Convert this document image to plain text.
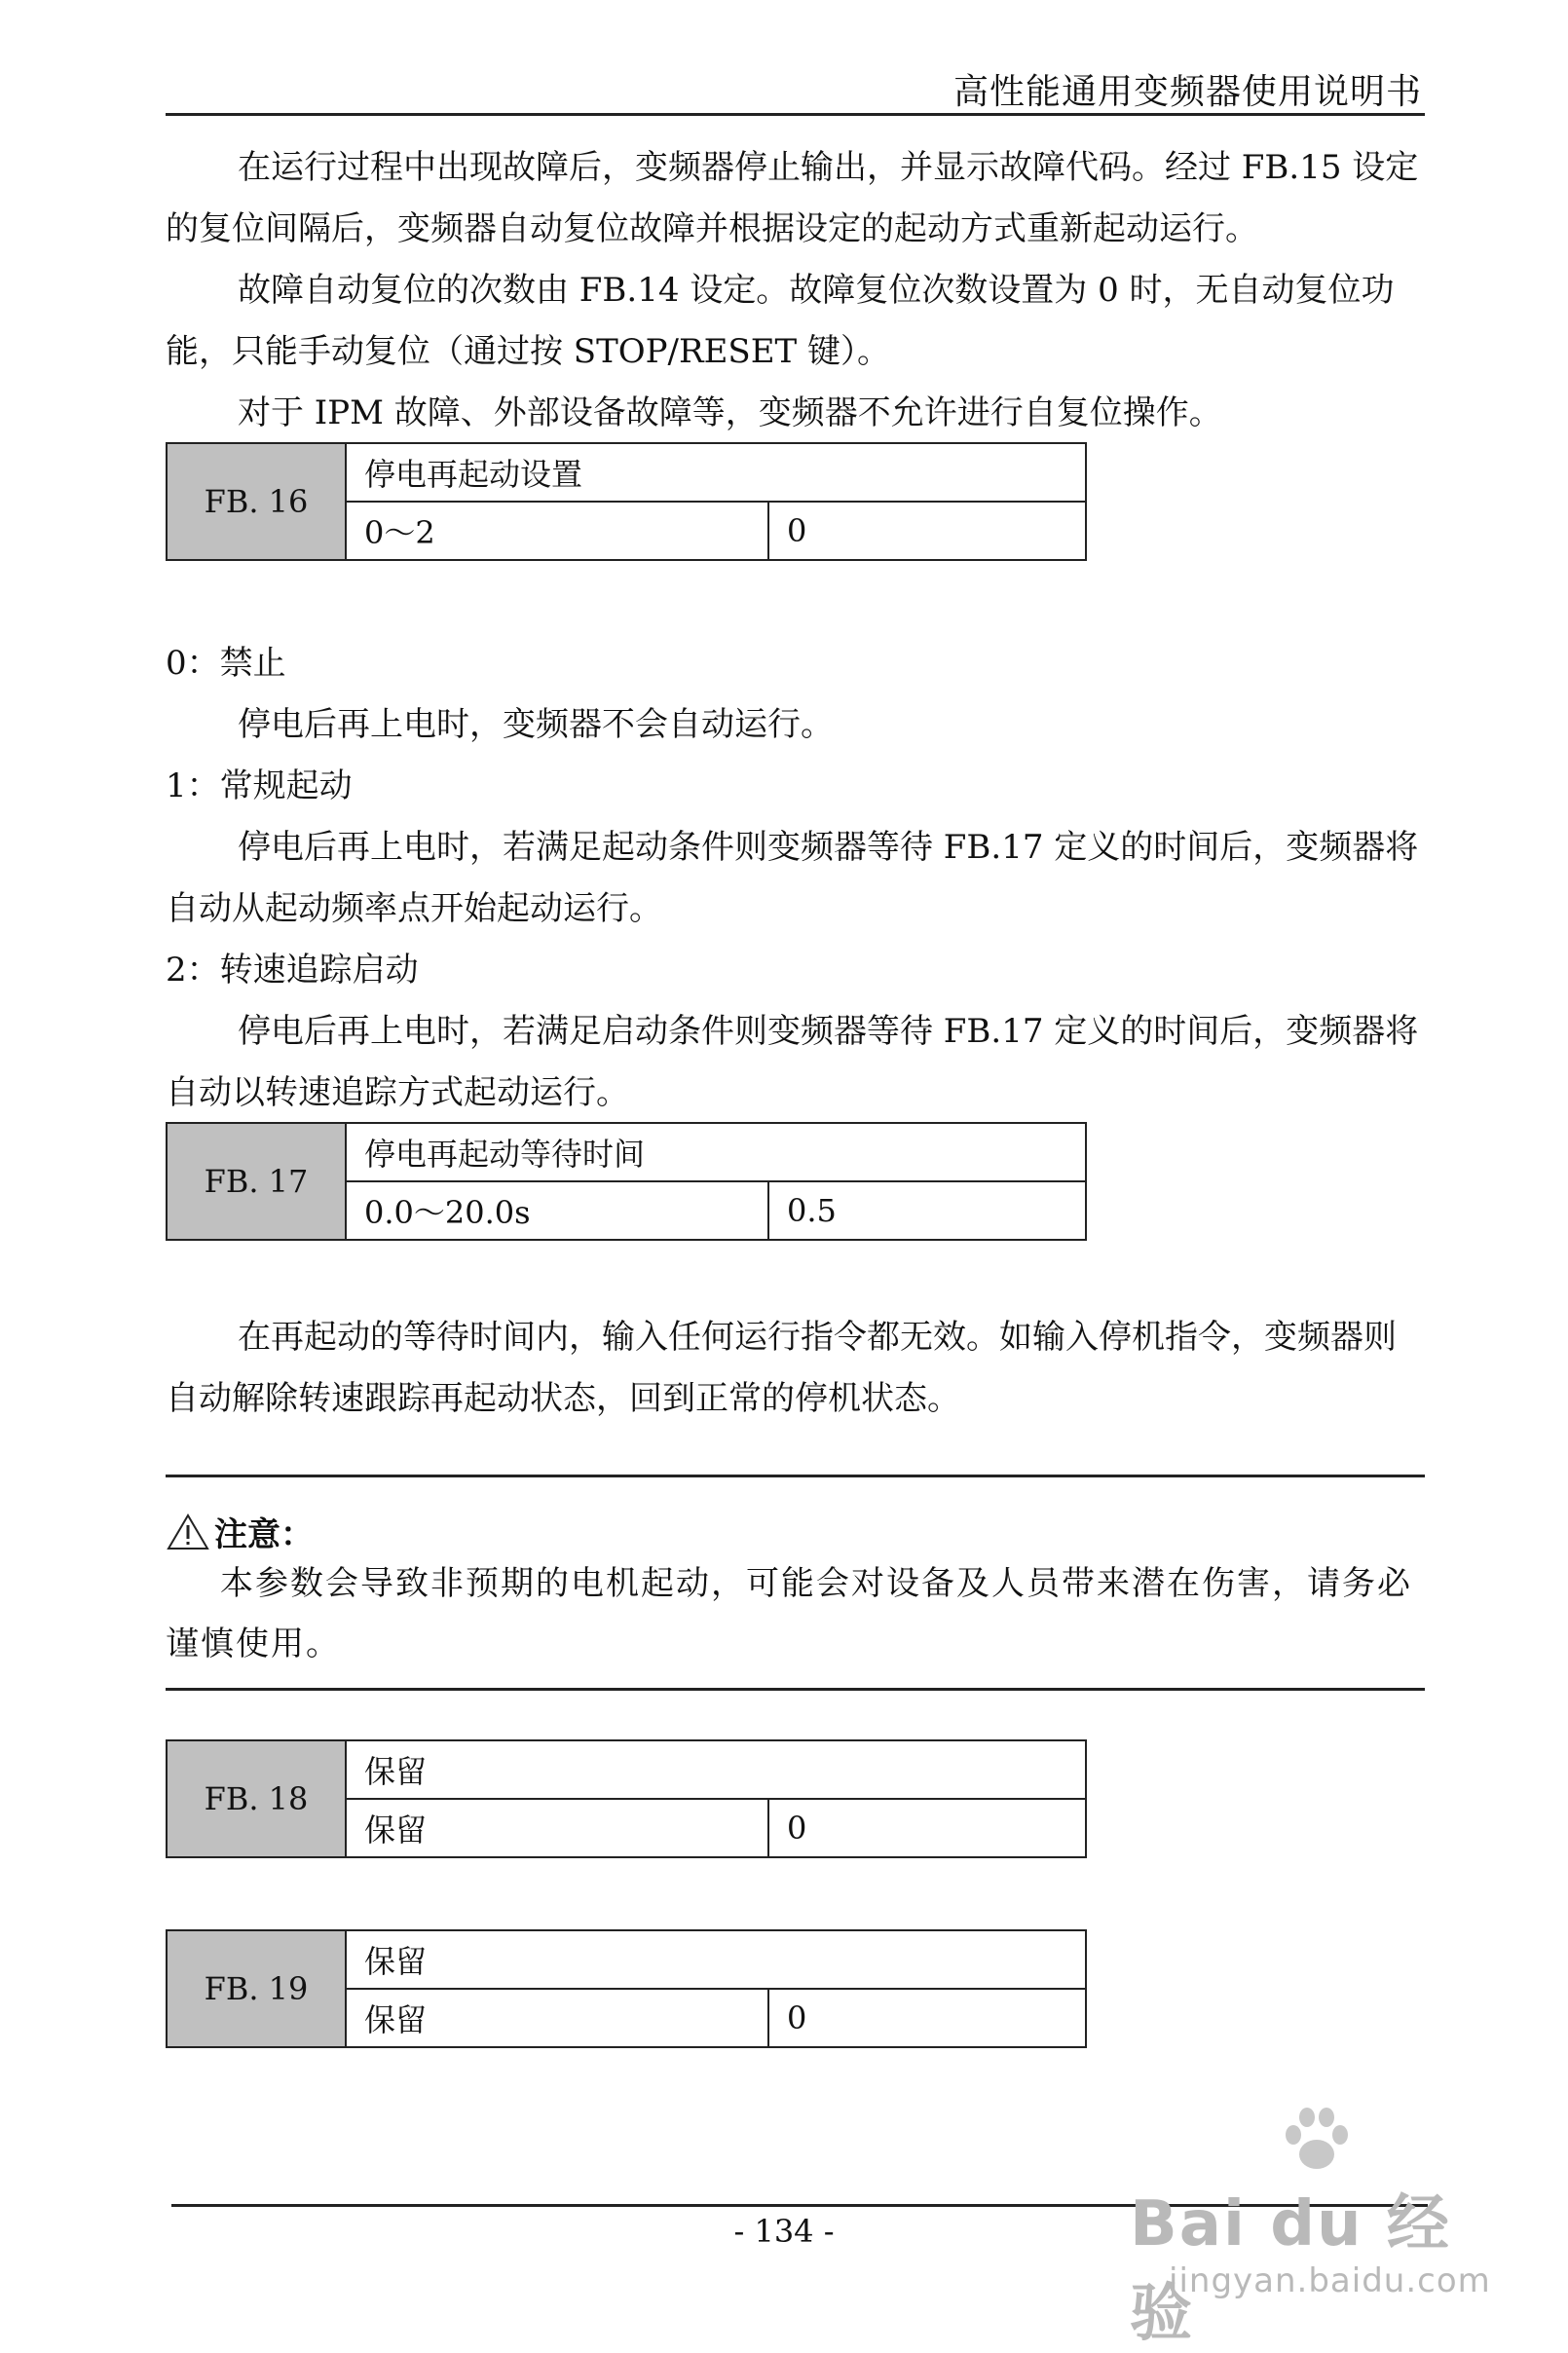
高性能通用变频器使用说明书

在运行过程中出现故障后，变频器停止输出，并显示故障代码。经过 FB.15 设定的复位间隔后，变频器自动复位故障并根据设定的起动方式重新起动运行。

故障自动复位的次数由 FB.14 设定。故障复位次数设置为 0 时，无自动复位功能，只能手动复位（通过按 STOP/RESET 键）。

对于 IPM 故障、外部设备故障等，变频器不允许进行自复位操作。

FB. 16	停电再起动设置	
	0～2	0

0：禁止

停电后再上电时，变频器不会自动运行。

1：常规起动

停电后再上电时，若满足起动条件则变频器等待 FB.17 定义的时间后，变频器将自动从起动频率点开始起动运行。

2：转速追踪启动

停电后再上电时，若满足启动条件则变频器等待 FB.17 定义的时间后，变频器将自动以转速追踪方式起动运行。

FB. 17	停电再起动等待时间	
	0.0～20.0s	0.5

在再起动的等待时间内，输入任何运行指令都无效。如输入停机指令，变频器则自动解除转速跟踪再起动状态，回到正常的停机状态。

注意：

本参数会导致非预期的电机起动，可能会对设备及人员带来潜在伤害，请务必谨慎使用。

FB. 18	保留	
	保留	0
FB. 19	保留	
	保留	0
- 134 -	Bai du 经验
jingyan.baidu.com
